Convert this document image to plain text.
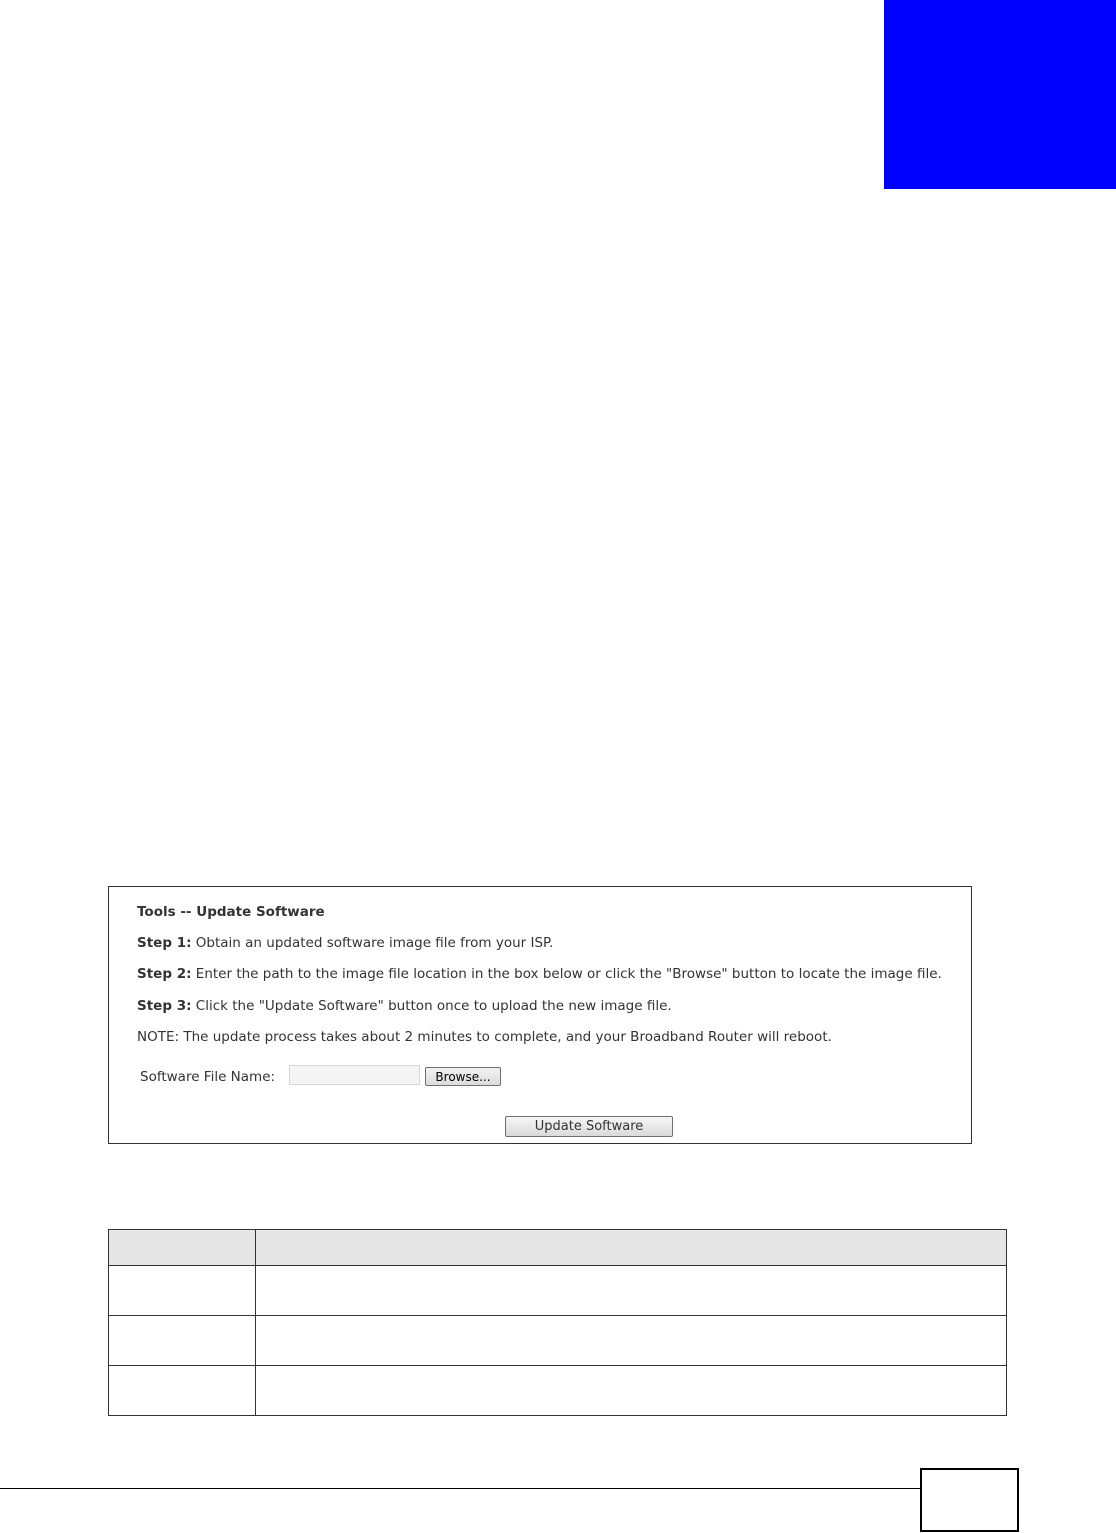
Tools -- Update Software
Step 1: Obtain an updated software image file from your ISP.
Step 2: Enter the path to the image file location in the box below or click the "Browse" button to locate the image file.
Step 3: Click the "Update Software" button once to upload the new image file.
NOTE: The update process takes about 2 minutes to complete, and your Broadband Router will reboot.
Software File Name:	Browse...
Update Software
